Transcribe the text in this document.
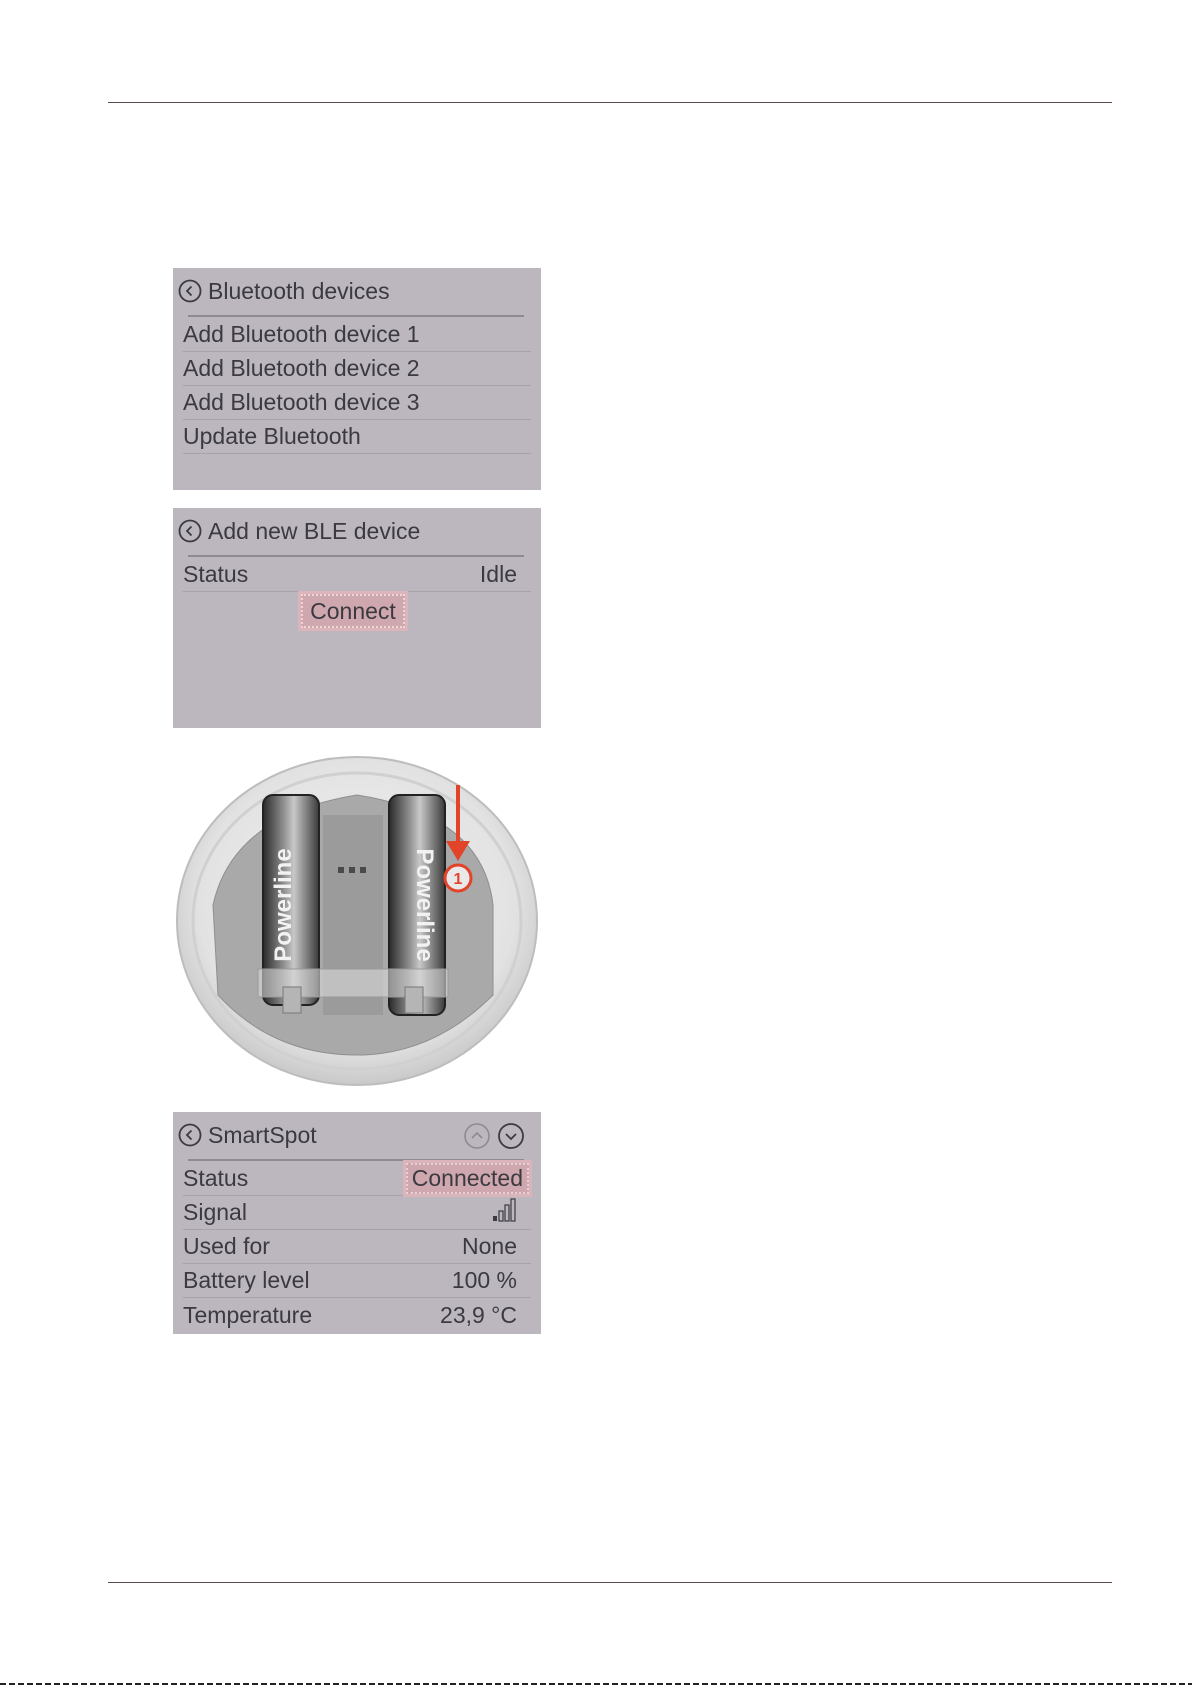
Bluetooth devices
Add Bluetooth device 1
Add Bluetooth device 2
Add Bluetooth device 3
Update Bluetooth
Add new BLE device
Status	Idle
Connect
Powerline	Powerline 1
SmartSpot
Status	Connected
Signal
Used for	None
Battery level	100 %
Temperature	23,9 °C
